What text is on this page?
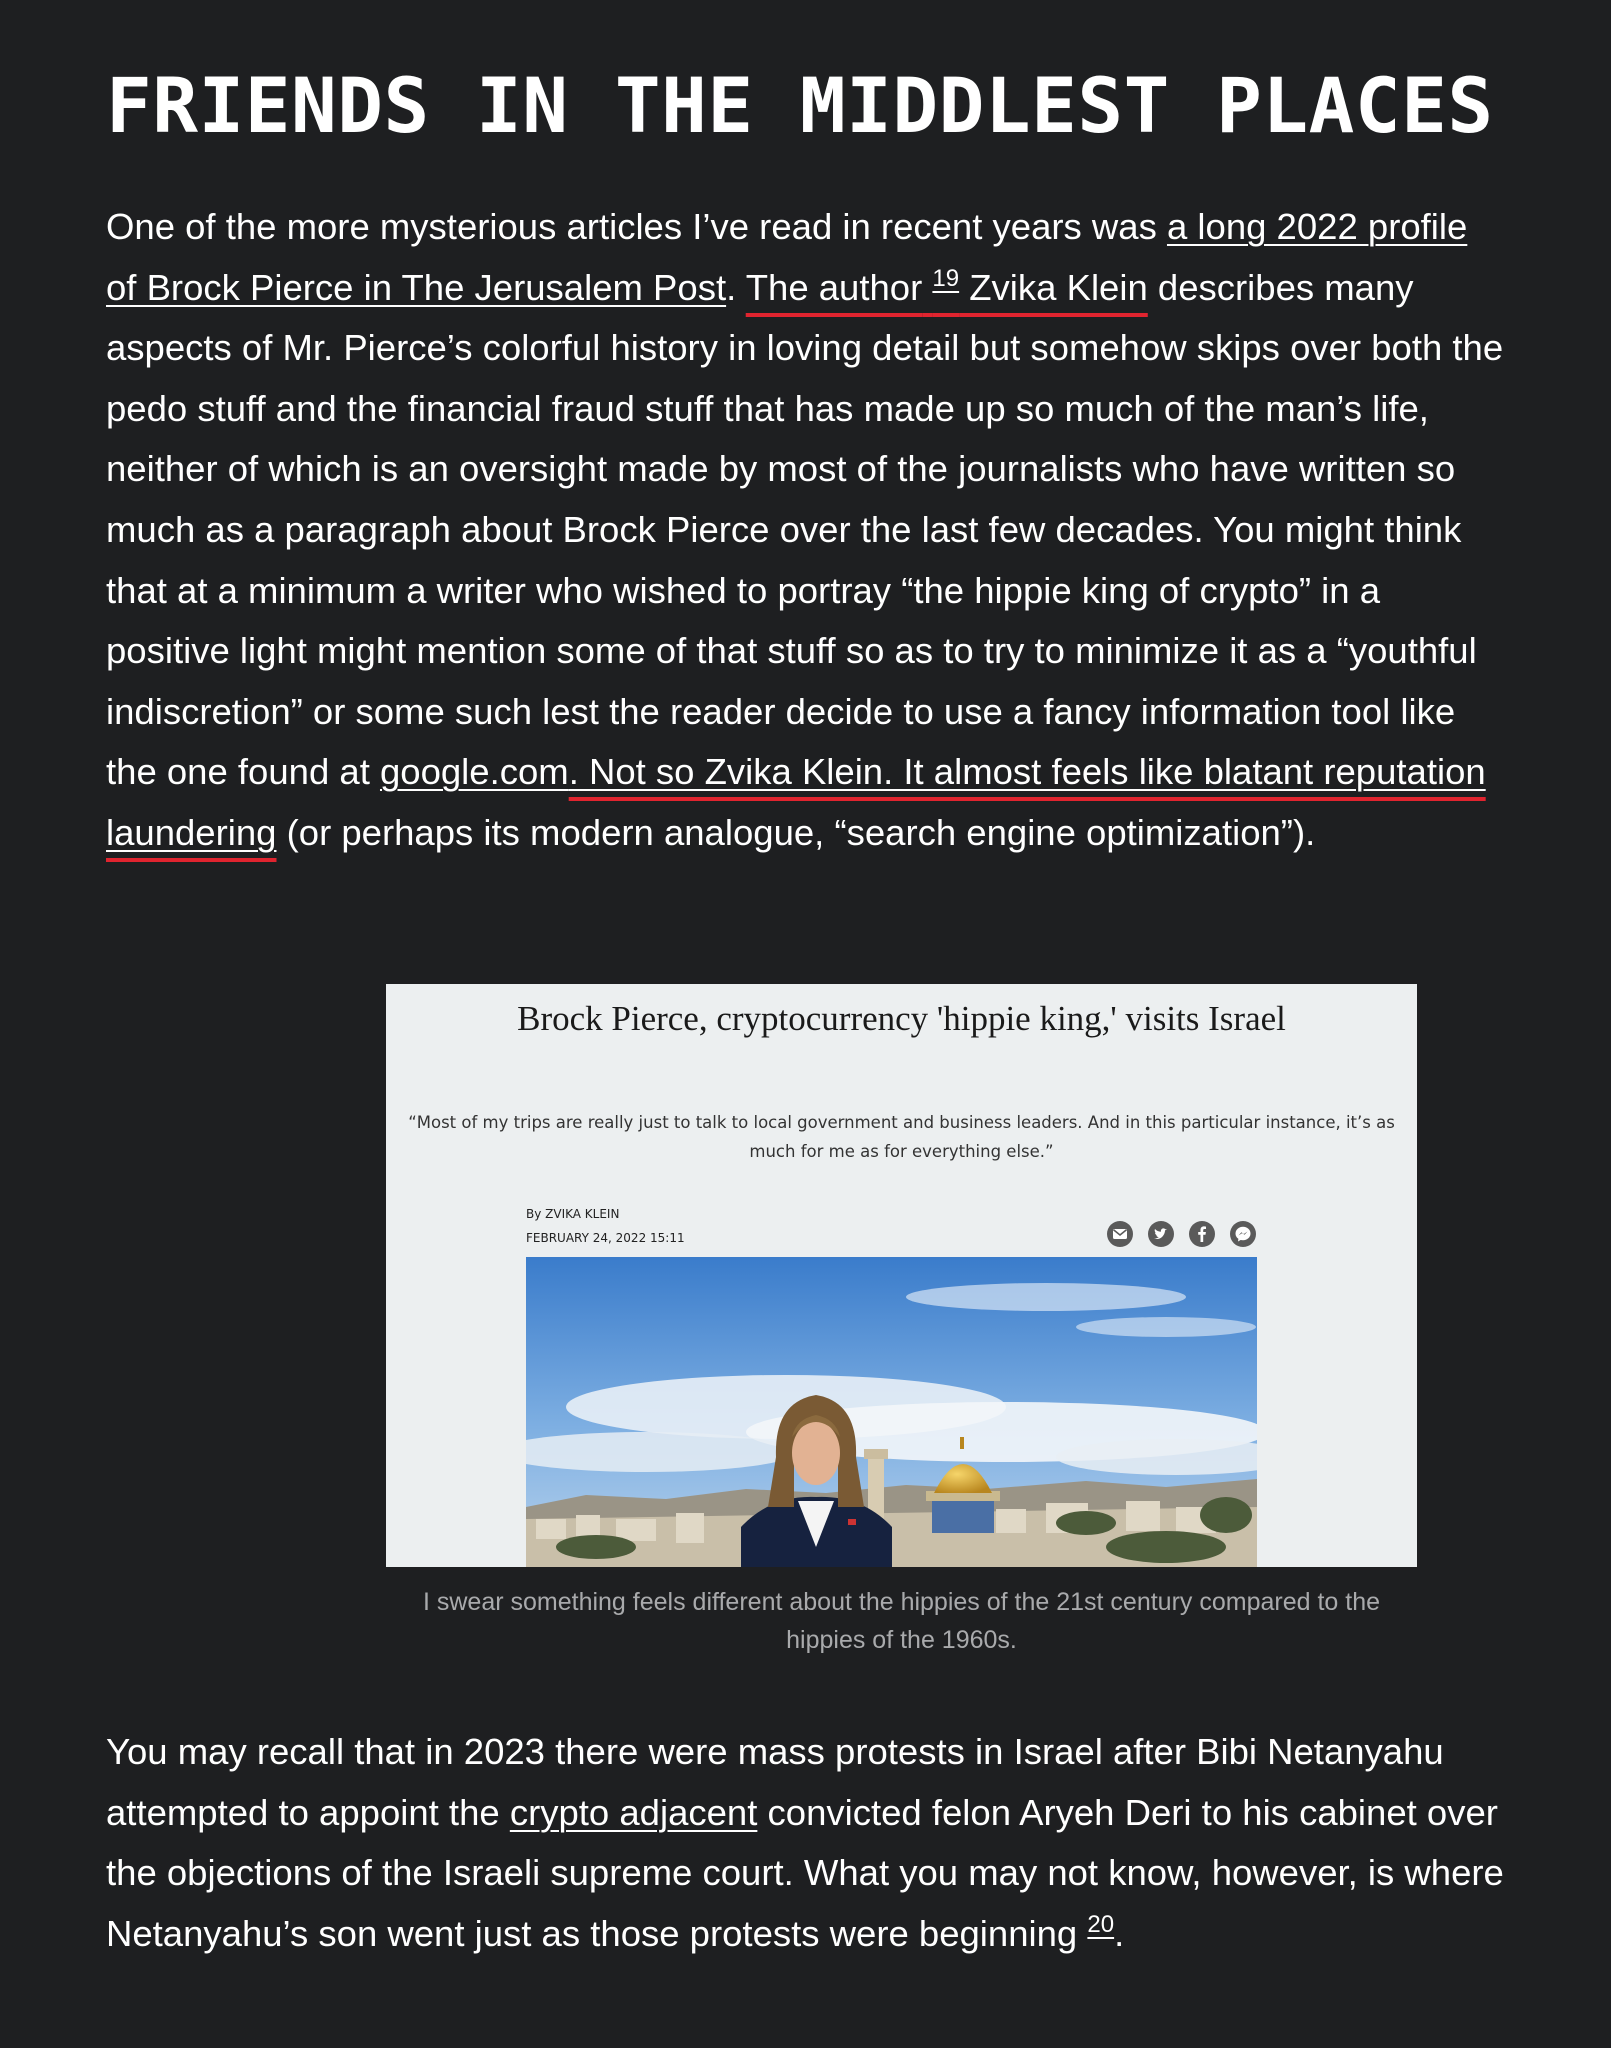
FRIENDS IN THE MIDDLEST PLACES

One of the more mysterious articles I’ve read in recent years was a long 2022 profile of Brock Pierce in The Jerusalem Post. The author $^{19}$ Zvika Klein describes many aspects of Mr. Pierce’s colorful history in loving detail but somehow skips over both the pedo stuff and the financial fraud stuff that has made up so much of the man’s life, neither of which is an oversight made by most of the journalists who have written so much as a paragraph about Brock Pierce over the last few decades. You might think that at a minimum a writer who wished to portray “the hippie king of crypto” in a positive light might mention some of that stuff so as to try to minimize it as a “youthful indiscretion” or some such lest the reader decide to use a fancy information tool like the one found at google.com. Not so Zvika Klein. It almost feels like blatant reputation laundering (or perhaps its modern analogue, “search engine optimization”).

Brock Pierce, cryptocurrency 'hippie king,' visits Israel
“Most of my trips are really just to talk to local government and business leaders. And in this particular instance, it’s as much for me as for everything else.”
By ZVIKA KLEIN
FEBRUARY 24, 2022 15:11
I swear something feels different about the hippies of the 21st century compared to the hippies of the 1960s.

You may recall that in 2023 there were mass protests in Israel after Bibi Netanyahu attempted to appoint the crypto adjacent convicted felon Aryeh Deri to his cabinet over the objections of the Israeli supreme court. What you may not know, however, is where Netanyahu’s son went just as those protests were beginning $^{20}$.
